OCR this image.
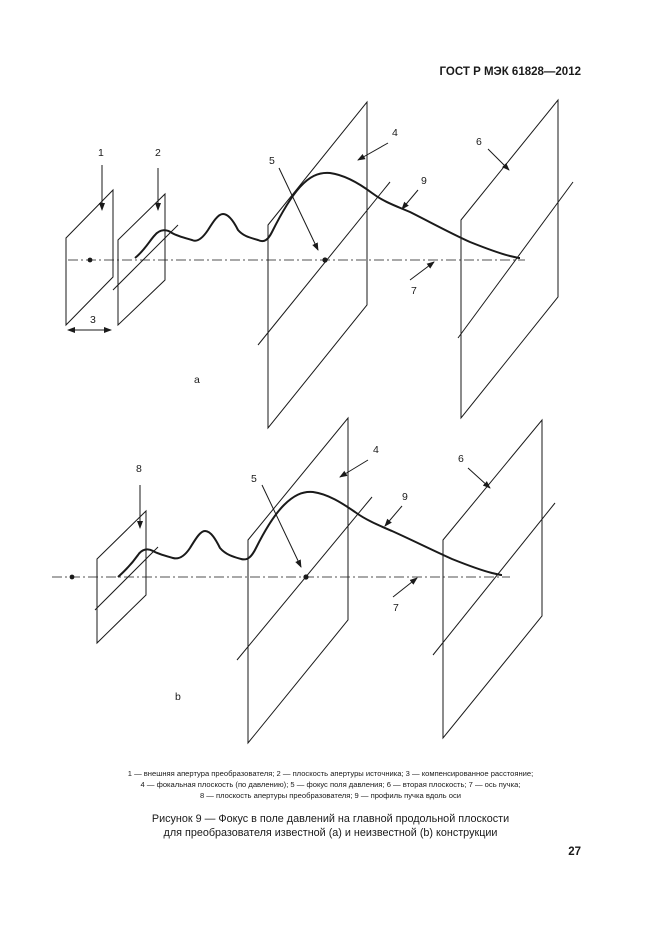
ГОСТ Р МЭК 61828—2012
1	2
3
4
5
6
7
9
a
8
5
4
6
9
7
b
1 — внешняя апертура преобразователя; 2 — плоскость апертуры источника; 3 — компенсированное расстояние;
4 — фокальная плоскость (по давлению); 5 — фокус поля давления; 6 — вторая плоскость; 7 — ось пучка;
8 — плоскость апертуры преобразователя; 9 — профиль пучка вдоль оси
Рисунок 9 — Фокус в поле давлений на главной продольной плоскости
для преобразователя известной (а) и неизвестной (b) конструкции
27
